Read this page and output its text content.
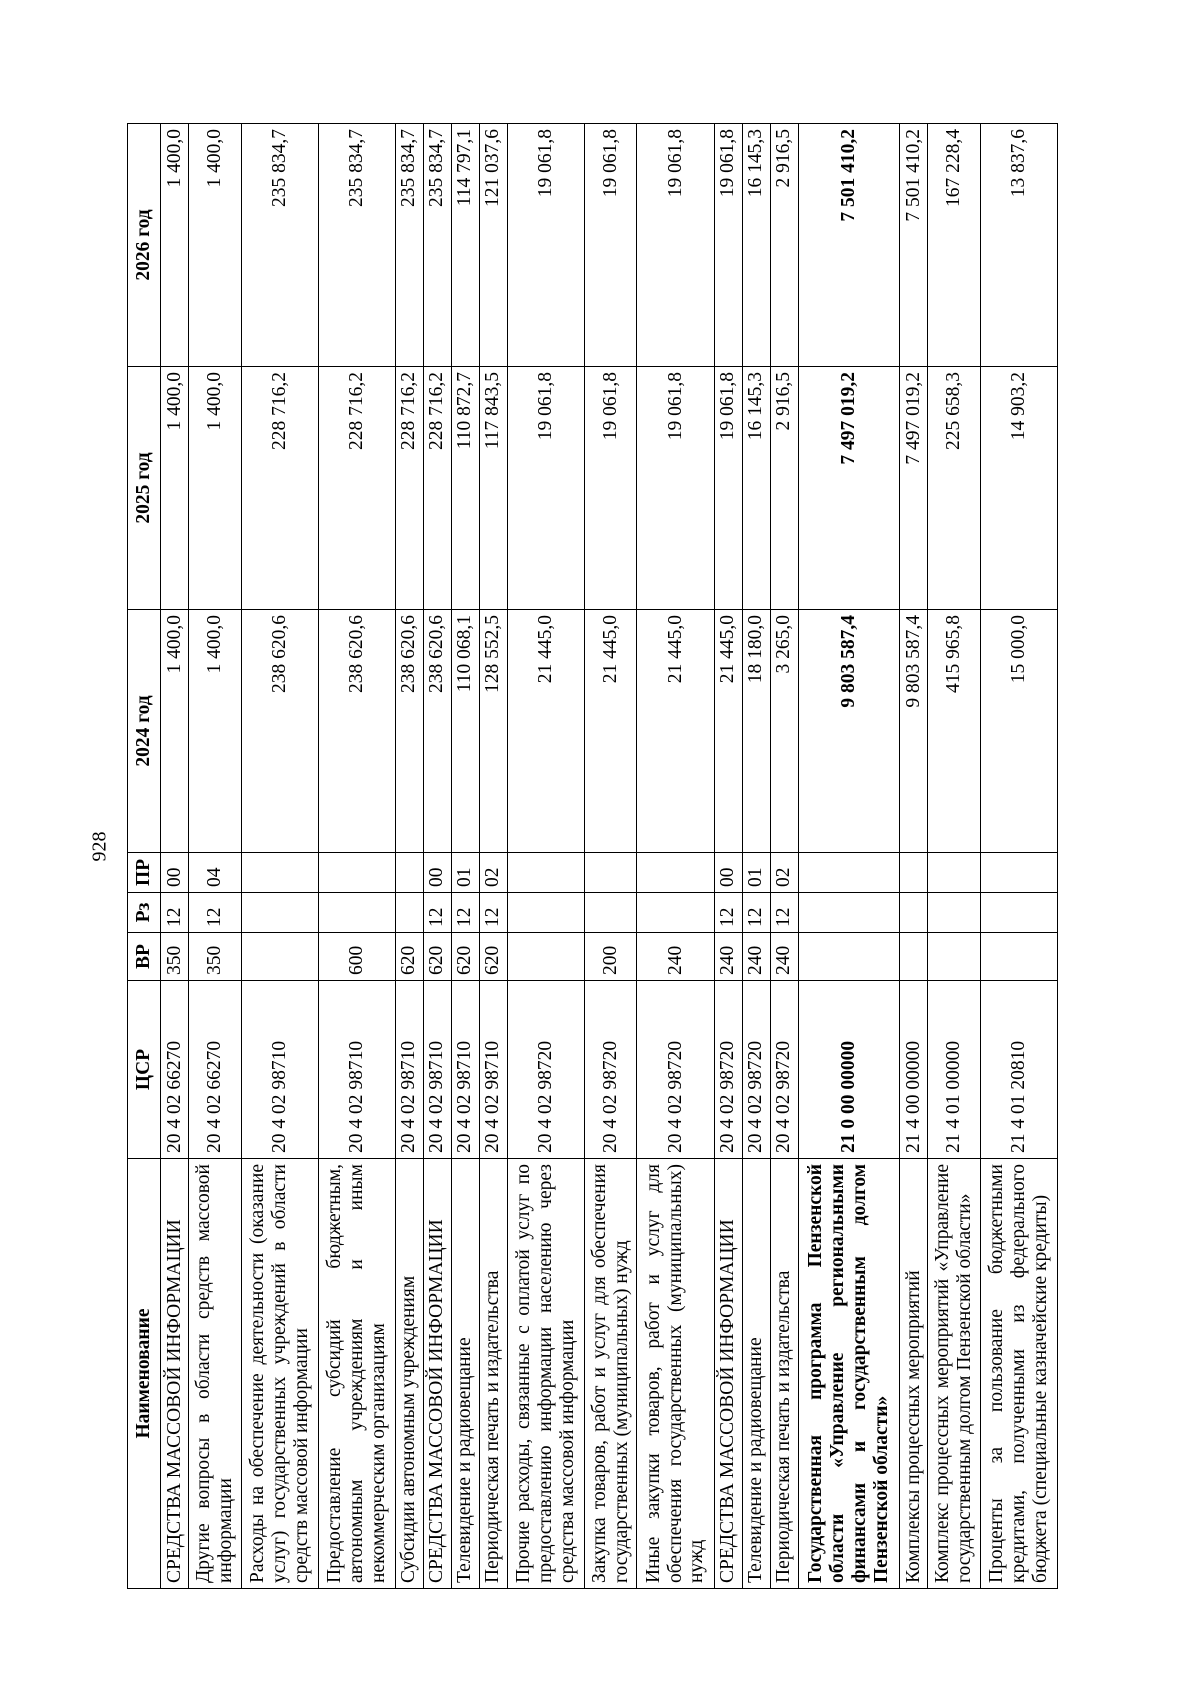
928
Наименование	ЦСР	ВР	Рз	ПР	2024 год	2025 год	2026 год
СРЕДСТВА МАССОВОЙ ИНФОРМАЦИИ	20 4 02 66270	350	12	00	1 400,0	1 400,0	1 400,0
Другие вопросы в области средств массовой информации	20 4 02 66270	350	12	04	1 400,0	1 400,0	1 400,0
Расходы на обеспечение деятельности (оказание услуг) государственных учреждений в области средств массовой информации	20 4 02 98710				238 620,6	228 716,2	235 834,7
Предоставление субсидий бюджетным, автономным учреждениям и иным некоммерческим организациям	20 4 02 98710	600			238 620,6	228 716,2	235 834,7
Субсидии автономным учреждениям	20 4 02 98710	620			238 620,6	228 716,2	235 834,7
СРЕДСТВА МАССОВОЙ ИНФОРМАЦИИ	20 4 02 98710	620	12	00	238 620,6	228 716,2	235 834,7
Телевидение и радиовещание	20 4 02 98710	620	12	01	110 068,1	110 872,7	114 797,1
Периодическая печать и издательства	20 4 02 98710	620	12	02	128 552,5	117 843,5	121 037,6
Прочие расходы, связанные с оплатой услуг по предоставлению информации населению через средства массовой информации	20 4 02 98720				21 445,0	19 061,8	19 061,8
Закупка товаров, работ и услуг для обеспечения государственных (муниципальных) нужд	20 4 02 98720	200			21 445,0	19 061,8	19 061,8
Иные закупки товаров, работ и услуг для обеспечения государственных (муниципальных) нужд	20 4 02 98720	240			21 445,0	19 061,8	19 061,8
СРЕДСТВА МАССОВОЙ ИНФОРМАЦИИ	20 4 02 98720	240	12	00	21 445,0	19 061,8	19 061,8
Телевидение и радиовещание	20 4 02 98720	240	12	01	18 180,0	16 145,3	16 145,3
Периодическая печать и издательства	20 4 02 98720	240	12	02	3 265,0	2 916,5	2 916,5
Государственная программа Пензенской области «Управление региональными финансами и государственным долгом Пензенской области»	21 0 00 00000				9 803 587,4	7 497 019,2	7 501 410,2
Комплексы процессных мероприятий	21 4 00 00000				9 803 587,4	7 497 019,2	7 501 410,2
Комплекс процессных мероприятий «Управление государственным долгом Пензенской области»	21 4 01 00000				415 965,8	225 658,3	167 228,4
Проценты за пользование бюджетными кредитами, полученными из федерального бюджета (специальные казначейские кредиты)	21 4 01 20810				15 000,0	14 903,2	13 837,6
